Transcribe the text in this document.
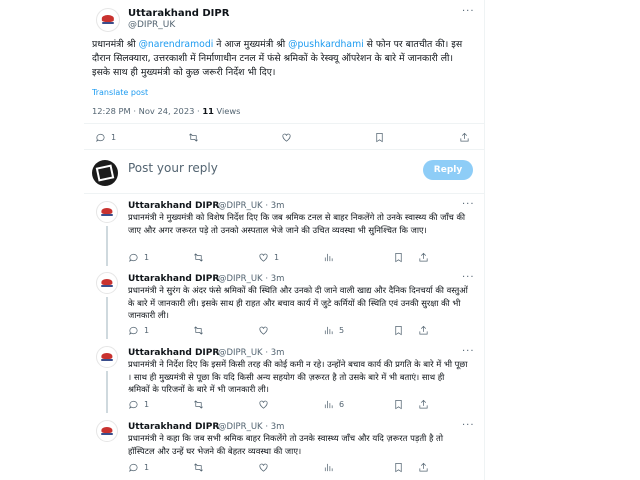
Uttarakhand DIPR
@DIPR_UK
···
प्रधानमंत्री श्री @narendramodi ने आज मुख्यमंत्री श्री @pushkardhami से फोन पर बातचीत की। इस दौरान सिलक्यारा, उत्तरकाशी में निर्माणाधीन टनल में फंसे श्रमिकों के रेस्क्यू ऑपरेशन के बारे में जानकारी ली। इसके साथ ही मुख्यमंत्री को कुछ जरूरी निर्देश भी दिए।
Translate post
12:28 PM · Nov 24, 2023 · 11 Views
1
Post your reply	Reply
Uttarakhand DIPR
@DIPR_UK · 3m	···
प्रधानमंत्री ने मुख्यमंत्री को विशेष निर्देश दिए कि जब श्रमिक टनल से बाहर निकलेंगे तो उनके स्वास्थ्य की जाँच की जाए और अगर जरूरत पड़े तो उनको अस्पताल भेजे जाने की उचित व्यवस्था भी सुनिश्चित कि जाए।
1	1
Uttarakhand DIPR
@DIPR_UK · 3m	···
प्रधानमंत्री ने सुरंग के अंदर फंसे श्रमिकों की स्थिति और उनको दी जाने वाली खाद्य और दैनिक दिनचर्या की वस्तुओं के बारे में जानकारी ली। इसके साथ ही राहत और बचाव कार्य में जुटे कर्मियों की स्थिति एवं उनकी सुरक्षा की भी जानकारी ली।
1	5
Uttarakhand DIPR
@DIPR_UK · 3m	···
प्रधानमंत्री ने निर्देश दिए कि इसमें किसी तरह की कोई कमी न रहे। उन्होंने बचाव कार्य की प्रगति के बारे में भी पूछा । साथ ही मुख्यमंत्री से पूछा कि यदि किसी अन्य सहयोग की ज़रूरत है तो उसके बारे में भी बताएं। साथ ही श्रमिकों के परिजनों के बारे में भी जानकारी ली।
1	6
Uttarakhand DIPR
@DIPR_UK · 3m	···
प्रधानमंत्री ने कहा कि जब सभी श्रमिक बाहर निकलेंगे तो उनके स्वास्थ्य जाँच और यदि ज़रूरत पड़ती है तो हॉस्पिटल और उन्हें घर भेजने की बेहतर व्यवस्था की जाए।
1
